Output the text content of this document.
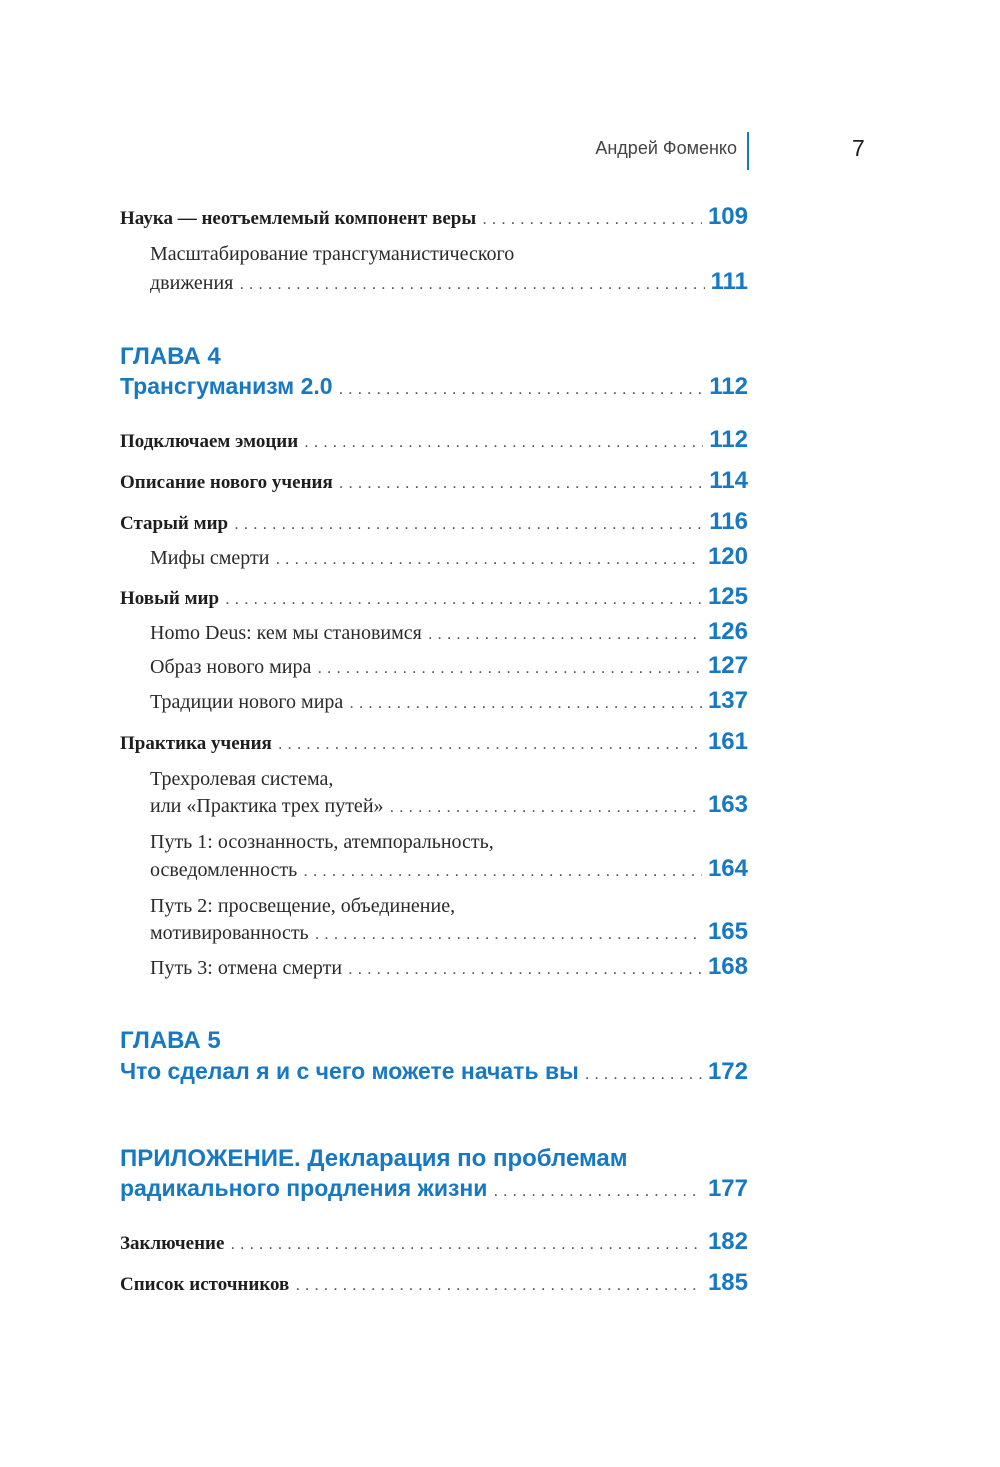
Андрей Фоменко	7
Наука — неотъемлемый компонент веры . . .	109
Масштабирование трансгуманистического
движения . . .	111
ГЛАВА 4
Трансгуманизм 2.0 . . .	112
Подключаем эмоции . . .	112
Описание нового учения . . .	114
Старый мир . . .	116
Мифы смерти . . .	120
Новый мир . . .	125
Homo Deus: кем мы становимся . . .	126
Образ нового мира . . .	127
Традиции нового мира . . .	137
Практика учения . . .	161
Трехролевая система,
или «Практика трех путей» . . .	163
Путь 1: осознанность, атемпоральность,
осведомленность . . .	164
Путь 2: просвещение, объединение,
мотивированность . . .	165
Путь 3: отмена смерти . . .	168
ГЛАВА 5
Что сделал я и с чего можете начать вы . . .	172
ПРИЛОЖЕНИЕ. Декларация по проблемам
радикального продления жизни . . .	177
Заключение . . .	182
Список источников . . .	185
